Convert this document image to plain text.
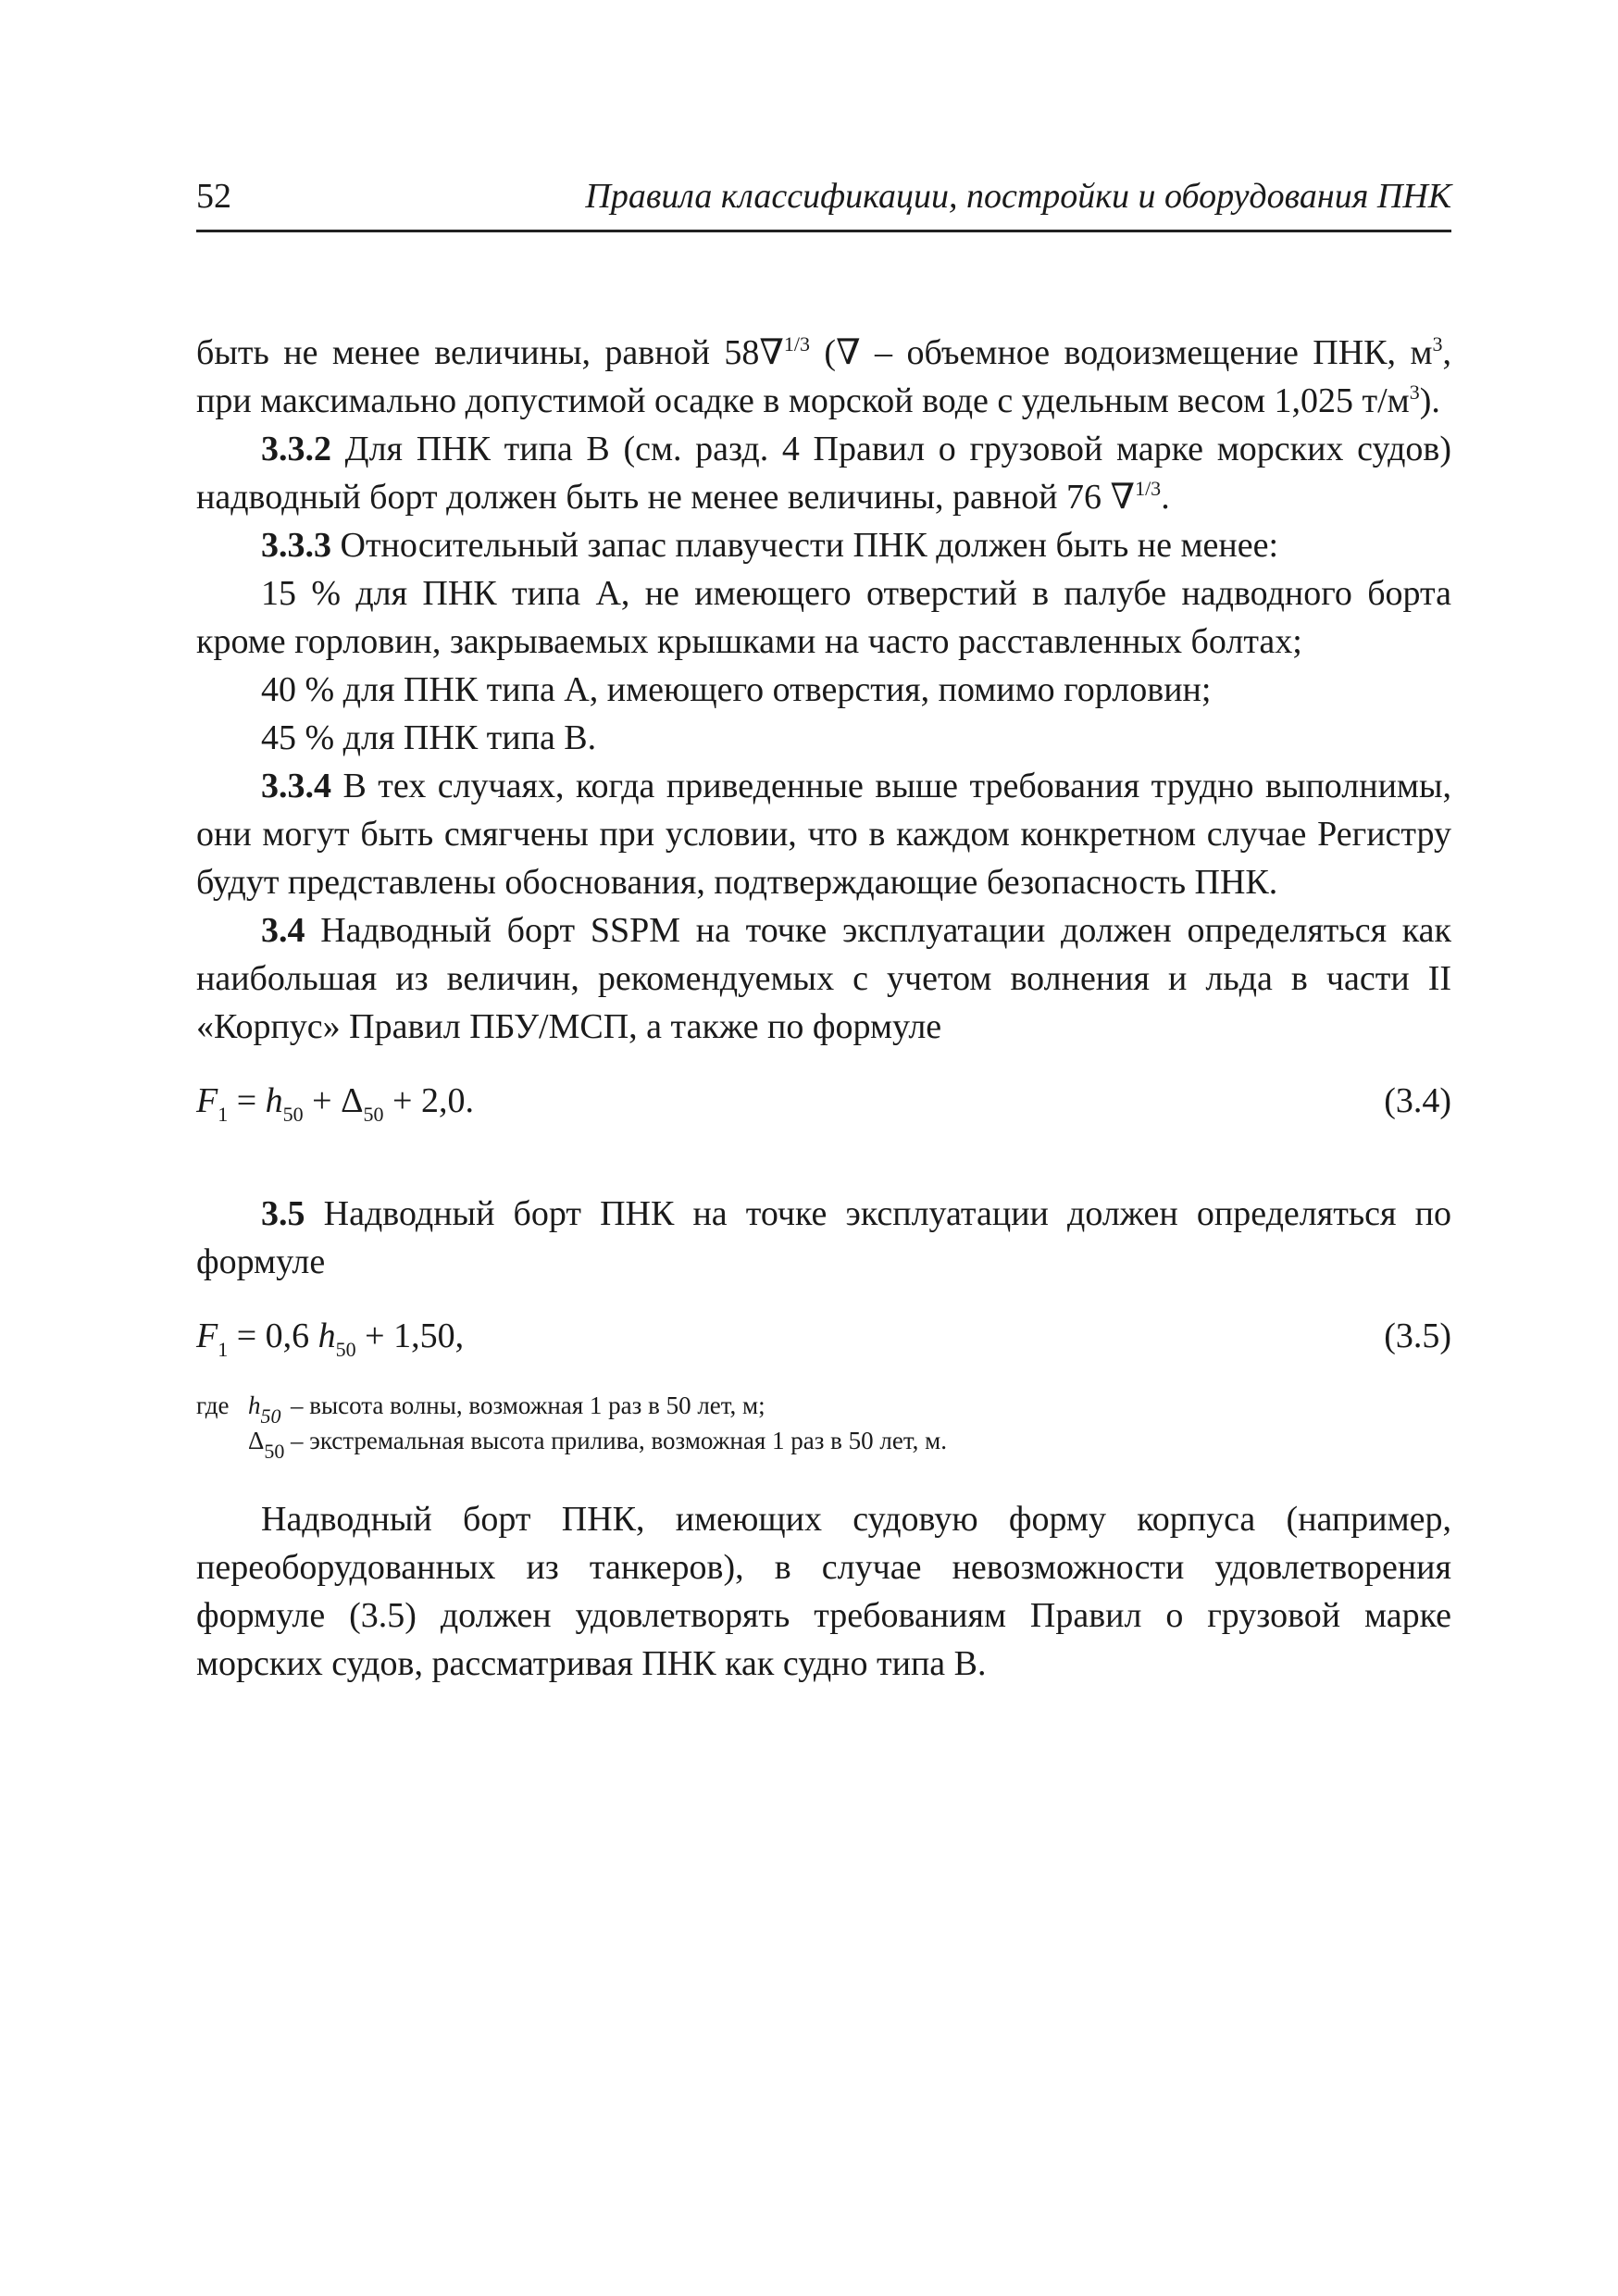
52	Правила классификации, постройки и оборудования ПНК

быть не менее величины, равной 58∇$^{1/3}$ (∇ – объемное водоизмещение ПНК, $м^3$, при максимально допустимой осадке в морской воде с удельным весом 1,025 $т/м^3$).

3.3.2 Для ПНК типа В (см. разд. 4 Правил о грузовой марке морских судов) надводный борт должен быть не менее величины, равной 76 ∇$^{1/3}$.

3.3.3 Относительный запас плавучести ПНК должен быть не менее:

15 % для ПНК типа А, не имеющего отверстий в палубе надводного борта кроме горловин, закрываемых крышками на часто расставленных болтах;

40 % для ПНК типа А, имеющего отверстия, помимо горловин;

45 % для ПНК типа В.

3.3.4 В тех случаях, когда приведенные выше требования трудно выполнимы, они могут быть смягчены при условии, что в каждом конкретном случае Регистру будут представлены обоснования, подтверждающие безопасность ПНК.

3.4 Надводный борт SSPM на точке эксплуатации должен определяться как наибольшая из величин, рекомендуемых с учетом волнения и льда в части II «Корпус» Правил ПБУ/МСП, а также по формуле

$F_1 = h_{50} + \Delta_{50} + 2,0$.	(3.4)

3.5 Надводный борт ПНК на точке эксплуатации должен определяться по формуле

$F_1 = 0,6$ $h_{50} + 1,50$,	(3.5)
где $h_{50}$ – высота волны, возможная 1 раз в 50 лет, м;
$\Delta_{50}$ – экстремальная высота прилива, возможная 1 раз в 50 лет, м.

Надводный борт ПНК, имеющих судовую форму корпуса (например, переоборудованных из танкеров), в случае невозможности удовлетворения формуле (3.5) должен удовлетворять требованиям Правил о грузовой марке морских судов, рассматривая ПНК как судно типа В.
